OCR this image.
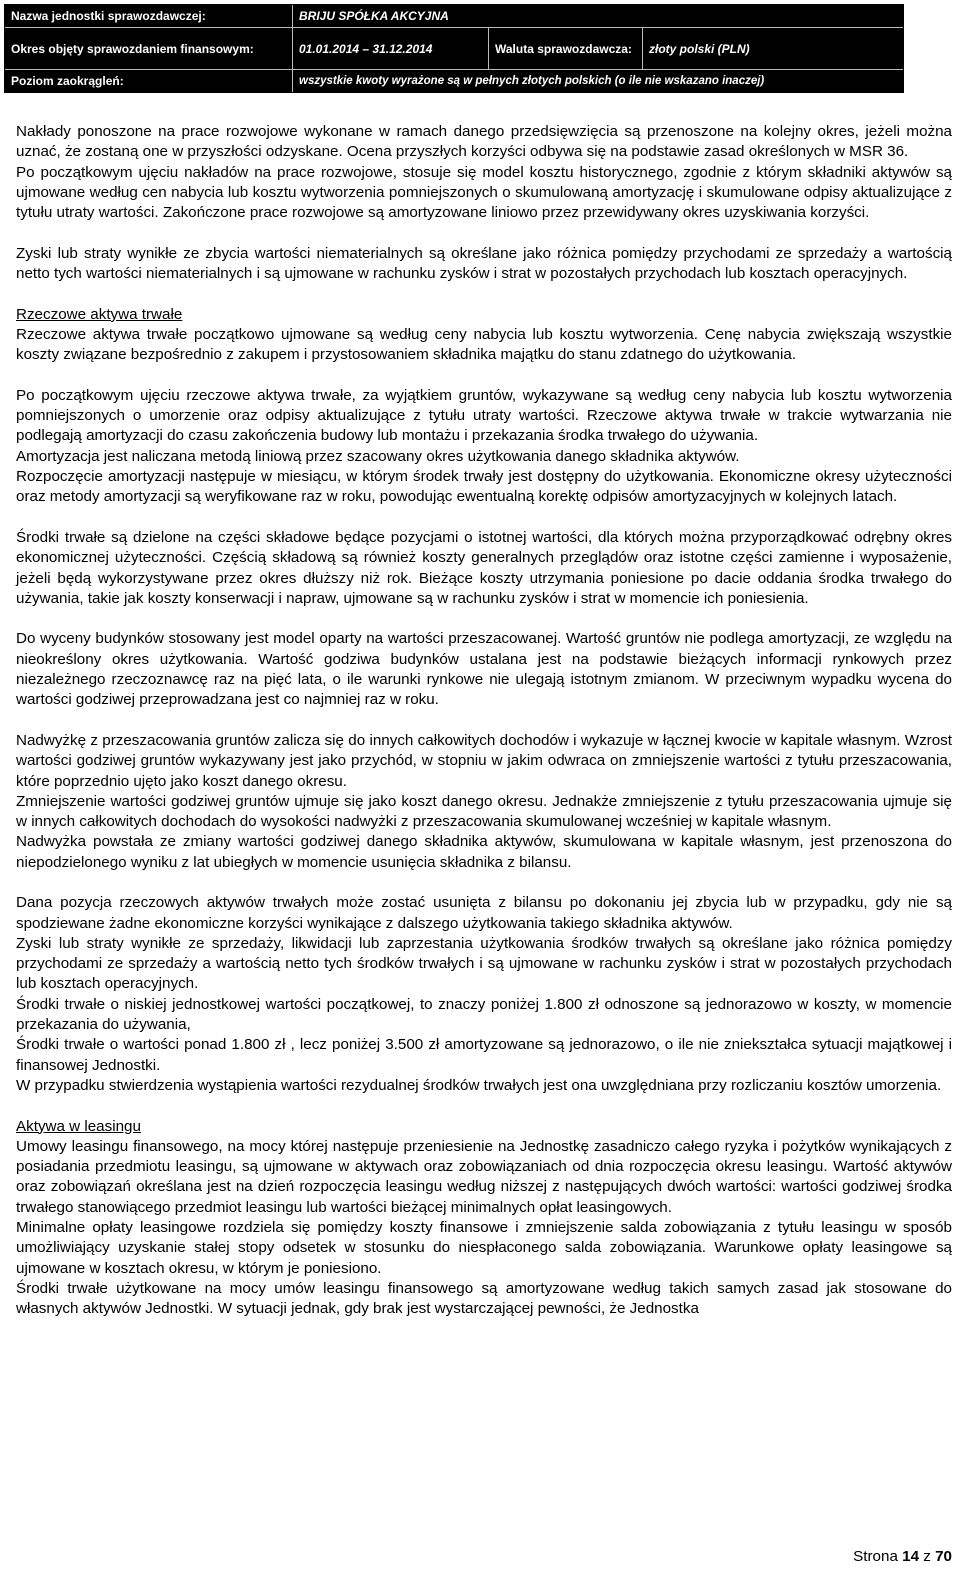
Nazwa jednostki sprawozdawczej:	BRIJU SPÓŁKA AKCYJNA
Okres objęty sprawozdaniem finansowym:	01.01.2014 – 31.12.2014	Waluta sprawozdawcza:	złoty polski (PLN)
Poziom zaokrągleń:	wszystkie kwoty wyrażone są w pełnych złotych polskich (o ile nie wskazano inaczej)

Nakłady ponoszone na prace rozwojowe wykonane w ramach danego przedsięwzięcia są przenoszone na kolejny okres, jeżeli można uznać, że zostaną one w przyszłości odzyskane. Ocena przyszłych korzyści odbywa się na podstawie zasad określonych w MSR 36.

Po początkowym ujęciu nakładów na prace rozwojowe, stosuje się model kosztu historycznego, zgodnie z którym składniki aktywów są ujmowane według cen nabycia lub kosztu wytworzenia pomniejszonych o skumulowaną amortyzację i skumulowane odpisy aktualizujące z tytułu utraty wartości. Zakończone prace rozwojowe są amortyzowane liniowo przez przewidywany okres uzyskiwania korzyści.

Zyski lub straty wynikłe ze zbycia wartości niematerialnych są określane jako różnica pomiędzy przychodami ze sprzedaży a wartością netto tych wartości niematerialnych i są ujmowane w rachunku zysków i strat w pozostałych przychodach lub kosztach operacyjnych.

Rzeczowe aktywa trwałe

Rzeczowe aktywa trwałe początkowo ujmowane są według ceny nabycia lub kosztu wytworzenia. Cenę nabycia zwiększają wszystkie koszty związane bezpośrednio z zakupem i przystosowaniem składnika majątku do stanu zdatnego do użytkowania.

Po początkowym ujęciu rzeczowe aktywa trwałe, za wyjątkiem gruntów, wykazywane są według ceny nabycia lub kosztu wytworzenia pomniejszonych o umorzenie oraz odpisy aktualizujące z tytułu utraty wartości. Rzeczowe aktywa trwałe w trakcie wytwarzania nie podlegają amortyzacji do czasu zakończenia budowy lub montażu i przekazania środka trwałego do używania.

Amortyzacja jest naliczana metodą liniową przez szacowany okres użytkowania danego składnika aktywów.

Rozpoczęcie amortyzacji następuje w miesiącu, w którym środek trwały jest dostępny do użytkowania. Ekonomiczne okresy użyteczności oraz metody amortyzacji są weryfikowane raz w roku, powodując ewentualną korektę odpisów amortyzacyjnych w kolejnych latach.

Środki trwałe są dzielone na części składowe będące pozycjami o istotnej wartości, dla których można przyporządkować odrębny okres ekonomicznej użyteczności. Częścią składową są również koszty generalnych przeglądów oraz istotne części zamienne i wyposażenie, jeżeli będą wykorzystywane przez okres dłuższy niż rok. Bieżące koszty utrzymania poniesione po dacie oddania środka trwałego do używania, takie jak koszty konserwacji i napraw, ujmowane są w rachunku zysków i strat w momencie ich poniesienia.

Do wyceny budynków stosowany jest model oparty na wartości przeszacowanej. Wartość gruntów nie podlega amortyzacji, ze względu na nieokreślony okres użytkowania. Wartość godziwa budynków ustalana jest na podstawie bieżących informacji rynkowych przez niezależnego rzeczoznawcę raz na pięć lata, o ile warunki rynkowe nie ulegają istotnym zmianom. W przeciwnym wypadku wycena do wartości godziwej przeprowadzana jest co najmniej raz w roku.

Nadwyżkę z przeszacowania gruntów zalicza się do innych całkowitych dochodów i wykazuje w łącznej kwocie w kapitale własnym. Wzrost wartości godziwej gruntów wykazywany jest jako przychód, w stopniu w jakim odwraca on zmniejszenie wartości z tytułu przeszacowania, które poprzednio ujęto jako koszt danego okresu.

Zmniejszenie wartości godziwej gruntów ujmuje się jako koszt danego okresu. Jednakże zmniejszenie z tytułu przeszacowania ujmuje się w innych całkowitych dochodach do wysokości nadwyżki z przeszacowania skumulowanej wcześniej w kapitale własnym.

Nadwyżka powstała ze zmiany wartości godziwej danego składnika aktywów, skumulowana w kapitale własnym, jest przenoszona do niepodzielonego wyniku z lat ubiegłych w momencie usunięcia składnika z bilansu.

Dana pozycja rzeczowych aktywów trwałych może zostać usunięta z bilansu po dokonaniu jej zbycia lub w przypadku, gdy nie są spodziewane żadne ekonomiczne korzyści wynikające z dalszego użytkowania takiego składnika aktywów.

Zyski lub straty wynikłe ze sprzedaży, likwidacji lub zaprzestania użytkowania środków trwałych są określane jako różnica pomiędzy przychodami ze sprzedaży a wartością netto tych środków trwałych i są ujmowane w rachunku zysków i strat w pozostałych przychodach lub kosztach operacyjnych.

Środki trwałe o niskiej jednostkowej wartości początkowej, to znaczy poniżej 1.800 zł odnoszone są jednorazowo w koszty, w momencie przekazania do używania,

Środki trwałe o wartości ponad 1.800 zł , lecz poniżej 3.500 zł amortyzowane są jednorazowo, o ile nie zniekształca sytuacji majątkowej i finansowej Jednostki.

W przypadku stwierdzenia wystąpienia wartości rezydualnej środków trwałych jest ona uwzględniana przy rozliczaniu kosztów umorzenia.

Aktywa w leasingu

Umowy leasingu finansowego, na mocy której następuje przeniesienie na Jednostkę zasadniczo całego ryzyka i pożytków wynikających z posiadania przedmiotu leasingu, są ujmowane w aktywach oraz zobowiązaniach od dnia rozpoczęcia okresu leasingu. Wartość aktywów oraz zobowiązań określana jest na dzień rozpoczęcia leasingu według niższej z następujących dwóch wartości: wartości godziwej środka trwałego stanowiącego przedmiot leasingu lub wartości bieżącej minimalnych opłat leasingowych.

Minimalne opłaty leasingowe rozdziela się pomiędzy koszty finansowe i zmniejszenie salda zobowiązania z tytułu leasingu w sposób umożliwiający uzyskanie stałej stopy odsetek w stosunku do niespłaconego salda zobowiązania. Warunkowe opłaty leasingowe są ujmowane w kosztach okresu, w którym je poniesiono.

Środki trwałe użytkowane na mocy umów leasingu finansowego są amortyzowane według takich samych zasad jak stosowane do własnych aktywów Jednostki. W sytuacji jednak, gdy brak jest wystarczającej pewności, że Jednostka

Strona 14 z 70
